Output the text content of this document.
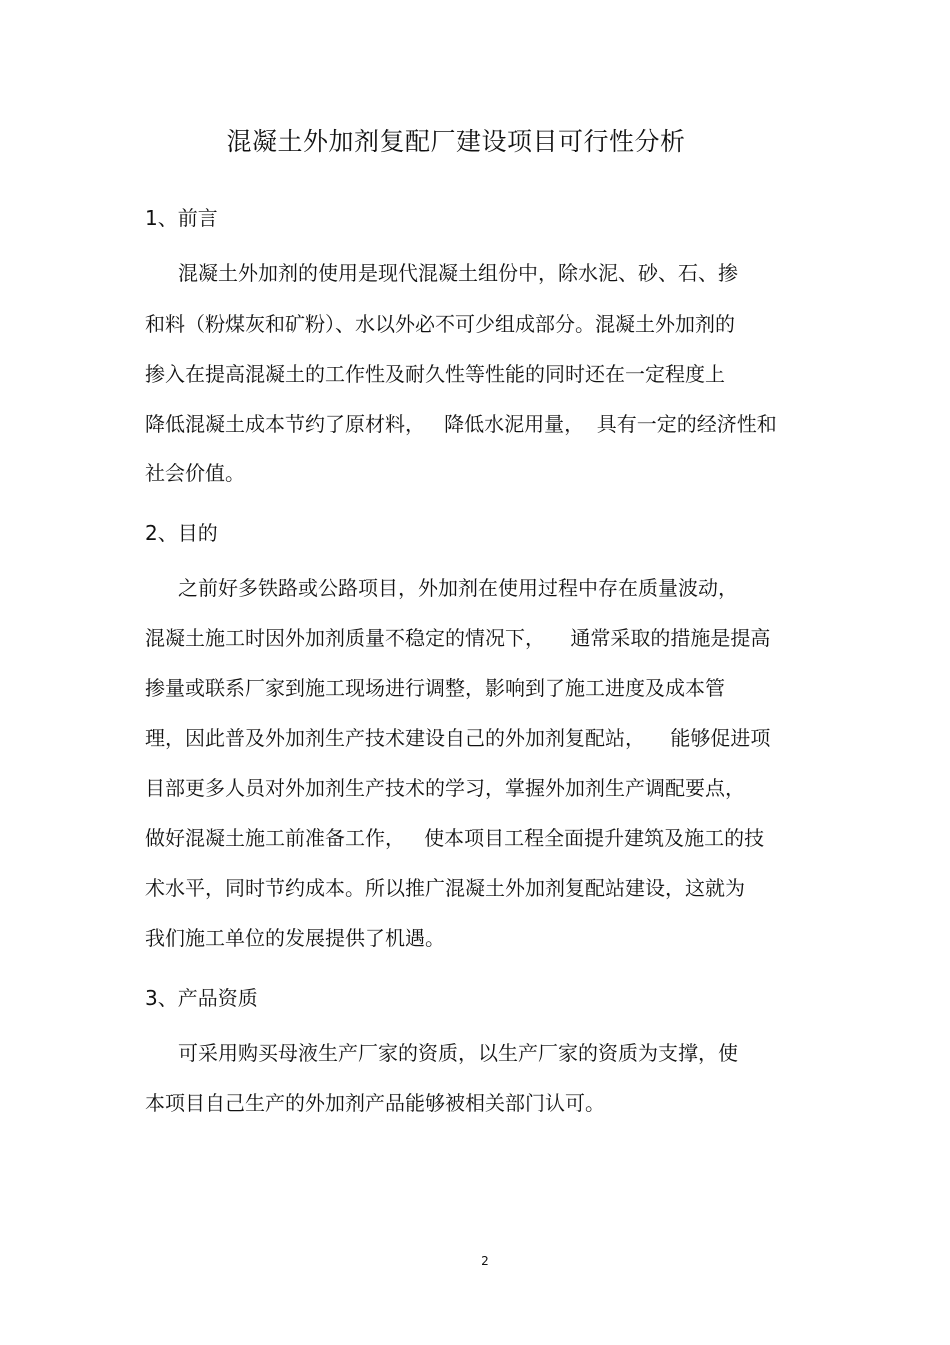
混凝土外加剂复配厂建设项目可行性分析
1、前言
混凝土外加剂的使用是现代混凝土组份中，除水泥、砂、石、掺
和料（粉煤灰和矿粉）、水以外必不可少组成部分。混凝土外加剂的
掺入在提高混凝土的工作性及耐久性等性能的同时还在一定程度上
降低混凝土成本节约了原材料，   降低水泥用量，  具有一定的经济性和
社会价值。
2、目的
之前好多铁路或公路项目，外加剂在使用过程中存在质量波动，
混凝土施工时因外加剂质量不稳定的情况下，    通常采取的措施是提高
掺量或联系厂家到施工现场进行调整，影响到了施工进度及成本管
理，因此普及外加剂生产技术建设自己的外加剂复配站，    能够促进项
目部更多人员对外加剂生产技术的学习，掌握外加剂生产调配要点，
做好混凝土施工前准备工作，   使本项目工程全面提升建筑及施工的技
术水平，同时节约成本。所以推广混凝土外加剂复配站建设，这就为
我们施工单位的发展提供了机遇。
3、产品资质
可采用购买母液生产厂家的资质，以生产厂家的资质为支撑，使
本项目自己生产的外加剂产品能够被相关部门认可。
2
